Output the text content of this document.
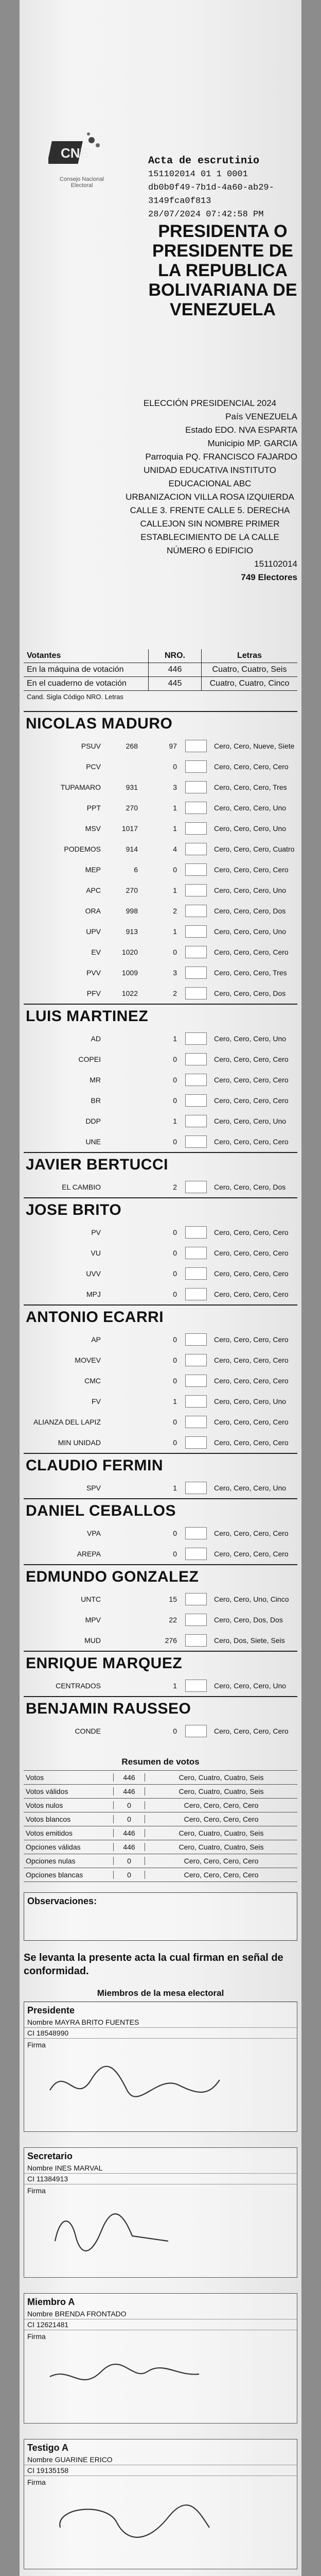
CNE
Consejo Nacional Electoral
Acta de escrutinio
151102014 01 1 0001
db0b0f49-7b1d-4a60-ab29-3149fca0f813
28/07/2024 07:42:58 PM
PRESIDENTA O PRESIDENTE DE LA REPUBLICA BOLIVARIANA DE VENEZUELA
ELECCIÓN PRESIDENCIAL 2024
País VENEZUELA
Estado EDO. NVA ESPARTA
Municipio MP. GARCIA
Parroquia PQ. FRANCISCO FAJARDO
UNIDAD EDUCATIVA INSTITUTO EDUCACIONAL ABC
URBANIZACION VILLA ROSA IZQUIERDA CALLE 3. FRENTE CALLE 5. DERECHA CALLEJON SIN NOMBRE PRIMER ESTABLECIMIENTO DE LA CALLE NÚMERO 6 EDIFICIO
151102014
749 Electores
Votantes	NRO.	Letras
En la máquina de votación	446	Cuatro, Cuatro, Seis
En el cuaderno de votación	445	Cuatro, Cuatro, Cinco
Cand. Sigla Código NRO. Letras
NICOLAS MADURO
PSUV	268	97	Cero, Cero, Nueve, Siete
PCV	0	Cero, Cero, Cero, Cero
TUPAMARO	931	3	Cero, Cero, Cero, Tres
PPT	270	1	Cero, Cero, Cero, Uno
MSV	1017	1	Cero, Cero, Cero, Uno
PODEMOS	914	4	Cero, Cero, Cero, Cuatro
MEP	6	0	Cero, Cero, Cero, Cero
APC	270	1	Cero, Cero, Cero, Uno
ORA	998	2	Cero, Cero, Cero, Dos
UPV	913	1	Cero, Cero, Cero, Uno
EV	1020	0	Cero, Cero, Cero, Cero
PVV	1009	3	Cero, Cero, Cero, Tres
PFV	1022	2	Cero, Cero, Cero, Dos
LUIS MARTINEZ
AD	1	Cero, Cero, Cero, Uno
COPEI	0	Cero, Cero, Cero, Cero
MR	0	Cero, Cero, Cero, Cero
BR	0	Cero, Cero, Cero, Cero
DDP	1	Cero, Cero, Cero, Uno
UNE	0	Cero, Cero, Cero, Cero
JAVIER BERTUCCI
EL CAMBIO	2	Cero, Cero, Cero, Dos
JOSE BRITO
PV	0	Cero, Cero, Cero, Cero
VU	0	Cero, Cero, Cero, Cero
UVV	0	Cero, Cero, Cero, Cero
MPJ	0	Cero, Cero, Cero, Cero
ANTONIO ECARRI
AP	0	Cero, Cero, Cero, Cero
MOVEV	0	Cero, Cero, Cero, Cero
CMC	0	Cero, Cero, Cero, Cero
FV	1	Cero, Cero, Cero, Uno
ALIANZA DEL LAPIZ	0	Cero, Cero, Cero, Cero
MIN UNIDAD	0	Cero, Cero, Cero, Cero
CLAUDIO FERMIN
SPV	1	Cero, Cero, Cero, Uno
DANIEL CEBALLOS
VPA	0	Cero, Cero, Cero, Cero
AREPA	0	Cero, Cero, Cero, Cero
EDMUNDO GONZALEZ
UNTC	15	Cero, Cero, Uno, Cinco
MPV	22	Cero, Cero, Dos, Dos
MUD	276	Cero, Dos, Siete, Seis
ENRIQUE MARQUEZ
CENTRADOS	1	Cero, Cero, Cero, Uno
BENJAMIN RAUSSEO
CONDE	0	Cero, Cero, Cero, Cero
Resumen de votos
Votos	446	Cero, Cuatro, Cuatro, Seis
Votos válidos	446	Cero, Cuatro, Cuatro, Seis
Votos nulos	0	Cero, Cero, Cero, Cero
Votos blancos	0	Cero, Cero, Cero, Cero
Votos emitidos	446	Cero, Cuatro, Cuatro, Seis
Opciones válidas	446	Cero, Cuatro, Cuatro, Seis
Opciones nulas	0	Cero, Cero, Cero, Cero
Opciones blancas	0	Cero, Cero, Cero, Cero
Observaciones:
Se levanta la presente acta la cual firman en señal de conformidad.
Miembros de la mesa electoral
Presidente
Nombre MAYRA BRITO FUENTES
CI 18548990
Firma
Secretario
Nombre INES MARVAL
CI 11384913
Firma
Miembro A
Nombre BRENDA FRONTADO
CI 12621481
Firma
Testigo A
Nombre GUARINE ERICO
CI 19135158
Firma
